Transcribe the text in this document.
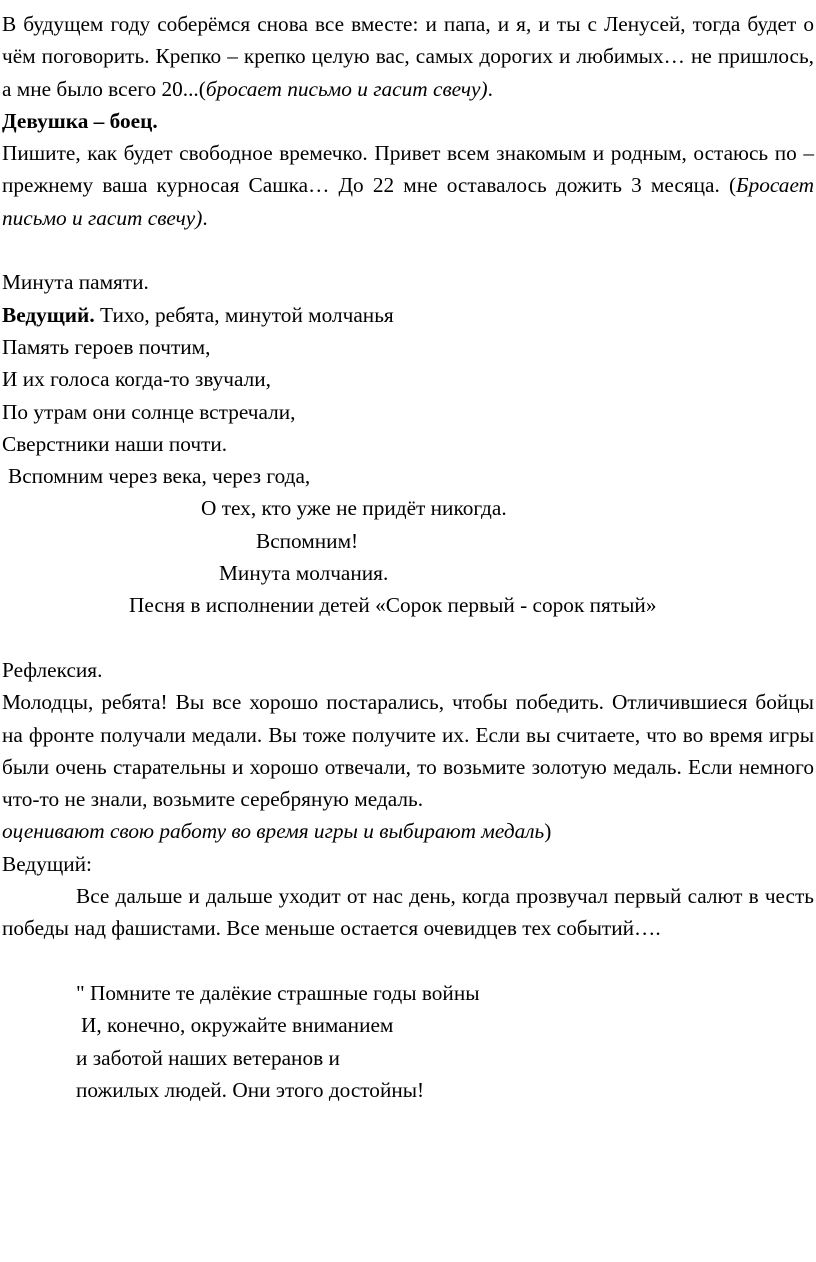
В будущем году соберёмся снова все вместе: и папа, и я, и ты с Ленусей, тогда будет о чём поговорить. Крепко – крепко целую вас, самых дорогих и любимых… не пришлось, а мне было всего 20...(бросает письмо и гасит свечу).

Девушка – боец.

Пишите, как будет свободное времечко. Привет всем знакомым и родным, остаюсь по – прежнему ваша курносая Сашка… До 22 мне оставалось дожить 3 месяца. (Бросает письмо и гасит свечу).

Минута памяти.

Ведущий. Тихо, ребята, минутой молчанья

Память героев почтим,

И их голоса когда-то звучали,

По утрам они солнце встречали,

Сверстники наши почти.

Вспомним через века, через года,

О тех, кто уже не придёт никогда.

Вспомним!

Минута молчания.

Песня в исполнении детей «Сорок первый - сорок пятый»

Рефлексия.

Молодцы, ребята! Вы все хорошо постарались, чтобы победить. Отличившиеся бойцы на фронте получали медали. Вы тоже получите их. Если вы считаете, что во время игры были очень старательны и хорошо отвечали, то возьмите золотую медаль. Если немного что-то не знали, возьмите серебряную медаль.

оценивают свою работу во время игры и выбирают медаль)

Ведущий:

Все дальше и дальше уходит от нас день, когда прозвучал первый салют в честь победы над фашистами. Все меньше остается очевидцев тех событий….

" Помните те далёкие страшные годы войны

И, конечно, окружайте вниманием

и заботой наших ветеранов и

пожилых людей. Они этого достойны!
